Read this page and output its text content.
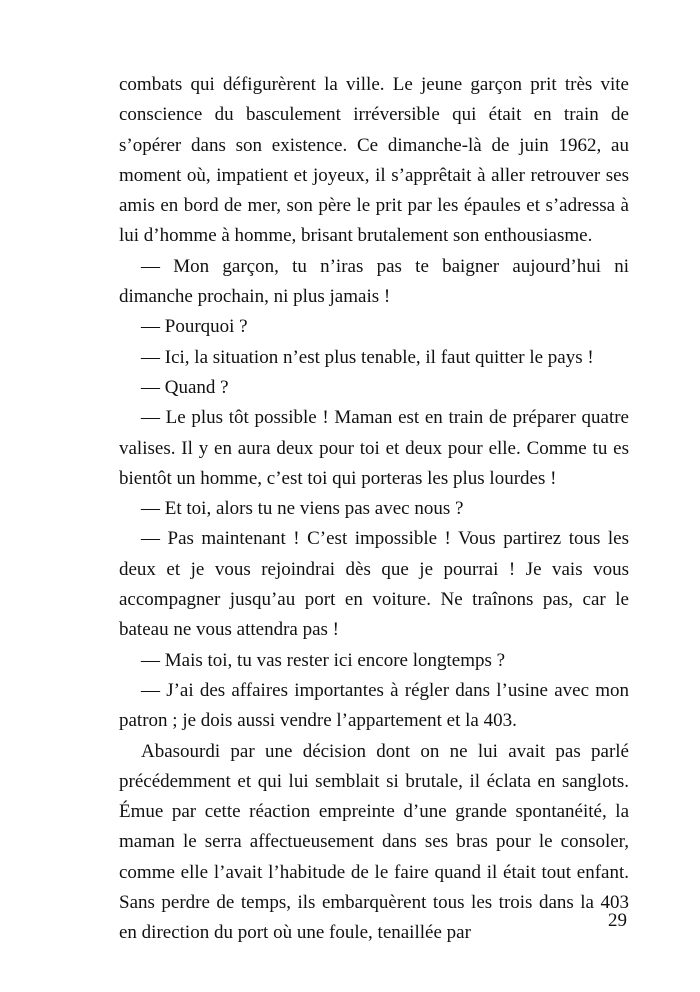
combats qui défigurèrent la ville. Le jeune garçon prit très vite conscience du basculement irréversible qui était en train de s’opérer dans son existence. Ce dimanche-là de juin 1962, au moment où, impatient et joyeux, il s’apprêtait à aller retrouver ses amis en bord de mer, son père le prit par les épaules et s’adressa à lui d’homme à homme, brisant brutalement son enthousiasme.

— Mon garçon, tu n’iras pas te baigner aujourd’hui ni dimanche prochain, ni plus jamais !

— Pourquoi ?

— Ici, la situation n’est plus tenable, il faut quitter le pays !

— Quand ?

— Le plus tôt possible ! Maman est en train de préparer quatre valises. Il y en aura deux pour toi et deux pour elle. Comme tu es bientôt un homme, c’est toi qui porteras les plus lourdes !

— Et toi, alors tu ne viens pas avec nous ?

— Pas maintenant ! C’est impossible ! Vous partirez tous les deux et je vous rejoindrai dès que je pourrai ! Je vais vous accompagner jusqu’au port en voiture. Ne traînons pas, car le bateau ne vous attendra pas !

— Mais toi, tu vas rester ici encore longtemps ?

— J’ai des affaires importantes à régler dans l’usine avec mon patron ; je dois aussi vendre l’appartement et la 403.

Abasourdi par une décision dont on ne lui avait pas parlé précédemment et qui lui semblait si brutale, il éclata en sanglots. Émue par cette réaction empreinte d’une grande spontanéité, la maman le serra affectueusement dans ses bras pour le consoler, comme elle l’avait l’habitude de le faire quand il était tout enfant. Sans perdre de temps, ils embarquèrent tous les trois dans la 403 en direction du port où une foule, tenaillée par

29
